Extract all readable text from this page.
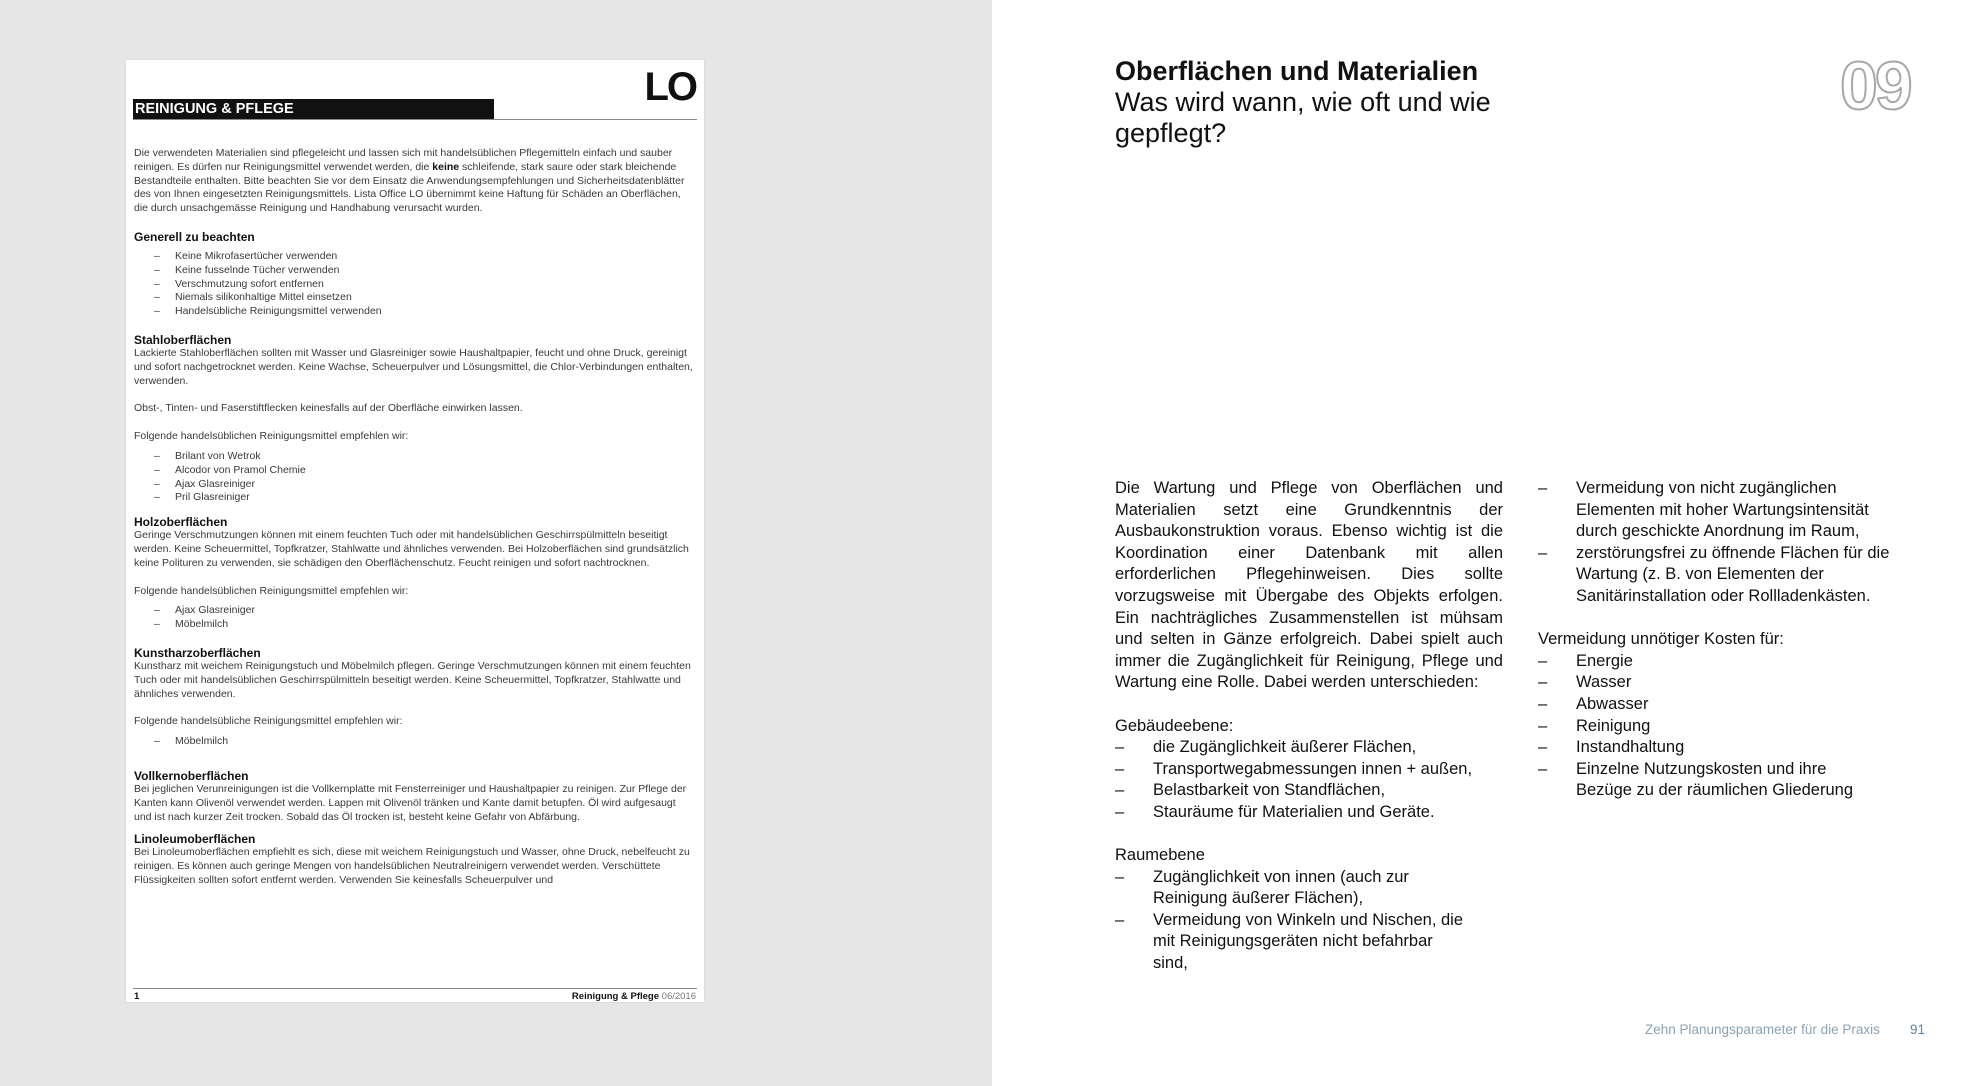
LO
REINIGUNG & PFLEGE

Die verwendeten Materialien sind pflegeleicht und lassen sich mit handelsüblichen Pflegemitteln einfach und sauber reinigen. Es dürfen nur Reinigungsmittel verwendet werden, die keine schleifende, stark saure oder stark bleichende Bestandteile enthalten. Bitte beachten Sie vor dem Einsatz die Anwendungsempfehlungen und Sicherheitsdatenblätter des von Ihnen eingesetzten Reinigungsmittels. Lista Office LO übernimmt keine Haftung für Schäden an Oberflächen, die durch unsachgemässe Reinigung und Handhabung verursacht wurden.

Generell zu beachten
– Keine Mikrofasertücher verwenden
– Keine fusselnde Tücher verwenden
– Verschmutzung sofort entfernen
– Niemals silikonhaltige Mittel einsetzen
– Handelsübliche Reinigungsmittel verwenden
Stahloberflächen

Lackierte Stahloberflächen sollten mit Wasser und Glasreiniger sowie Haushaltpapier, feucht und ohne Druck, gereinigt und sofort nachgetrocknet werden. Keine Wachse, Scheuerpulver und Lösungsmittel, die Chlor-Verbindungen enthalten, verwenden.

Obst-, Tinten- und Faserstiftflecken keinesfalls auf der Oberfläche einwirken lassen.

Folgende handelsüblichen Reinigungsmittel empfehlen wir:

– Brilant von Wetrok
– Alcodor von Pramol Chemie
– Ajax Glasreiniger
– Pril Glasreiniger
Holzoberflächen

Geringe Verschmutzungen können mit einem feuchten Tuch oder mit handelsüblichen Geschirrspülmitteln beseitigt werden. Keine Scheuermittel, Topfkratzer, Stahlwatte und ähnliches verwenden. Bei Holzoberflächen sind grundsätzlich keine Polituren zu verwenden, sie schädigen den Oberflächenschutz. Feucht reinigen und sofort nachtrocknen.

Folgende handelsüblichen Reinigungsmittel empfehlen wir:

– Ajax Glasreiniger
– Möbelmilch
Kunstharzoberflächen

Kunstharz mit weichem Reinigungstuch und Möbelmilch pflegen. Geringe Verschmutzungen können mit einem feuchten Tuch oder mit handelsüblichen Geschirrspülmitteln beseitigt werden. Keine Scheuermittel, Topfkratzer, Stahlwatte und ähnliches verwenden.

Folgende handelsübliche Reinigungsmittel empfehlen wir:

– Möbelmilch
Vollkernoberflächen

Bei jeglichen Verunreinigungen ist die Vollkernplatte mit Fensterreiniger und Haushaltpapier zu reinigen. Zur Pflege der Kanten kann Olivenöl verwendet werden. Lappen mit Olivenöl tränken und Kante damit betupfen. Öl wird aufgesaugt und ist nach kurzer Zeit trocken. Sobald das Öl trocken ist, besteht keine Gefahr von Abfärbung.

Linoleumoberflächen

Bei Linoleumoberflächen empfiehlt es sich, diese mit weichem Reinigungstuch und Wasser, ohne Druck, nebelfeucht zu reinigen. Es können auch geringe Mengen von handelsüblichen Neutralreinigern verwendet werden. Verschüttete Flüssigkeiten sollten sofort entfernt werden. Verwenden Sie keinesfalls Scheuerpulver und

1	Reinigung & Pflege 06/2016
Oberflächen und Materialien
Was wird wann, wie oft und wie gepflegt?
09

Die Wartung und Pflege von Oberflächen und Materialien setzt eine Grundkenntnis der Ausbaukonstruktion voraus. Ebenso wichtig ist die Koordination einer Datenbank mit allen erforderlichen Pflegehinweisen. Dies sollte vorzugsweise mit Übergabe des Objekts erfolgen. Ein nachträgliches Zusammenstellen ist mühsam und selten in Gänze erfolgreich. Dabei spielt auch immer die Zugänglichkeit für Reinigung, Pflege und Wartung eine Rolle. Dabei werden unterschieden:

Gebäudeebene:

– die Zugänglichkeit äußerer Flächen,
– Transportwegabmessungen innen + außen,
– Belastbarkeit von Standflächen,
– Stauräume für Materialien und Geräte.

Raumebene

– Zugänglichkeit von innen (auch zur Reinigung äußerer Flächen),
– Vermeidung von Winkeln und Nischen, die mit Reinigungsgeräten nicht befahrbar sind,
– Vermeidung von nicht zugänglichen Elementen mit hoher Wartungsintensität durch geschickte Anordnung im Raum,
– zerstörungsfrei zu öffnende Flächen für die Wartung (z. B. von Elementen der Sanitärinstallation oder Rollladenkästen.

Vermeidung unnötiger Kosten für:

– Energie
– Wasser
– Abwasser
– Reinigung
– Instandhaltung
– Einzelne Nutzungskosten und ihre Bezüge zu der räumlichen Gliederung
Zehn Planungsparameter für die Praxis 91
